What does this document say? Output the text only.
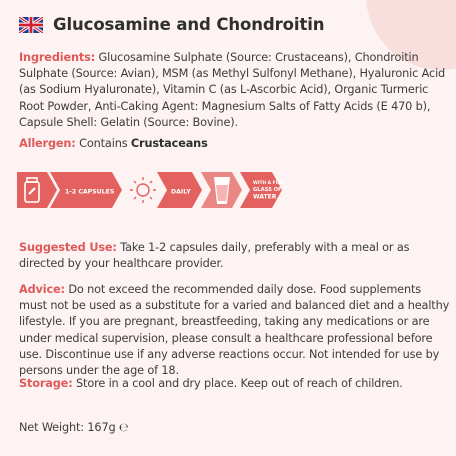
Glucosamine and Chondroitin
Ingredients: Glucosamine Sulphate (Source: Crustaceans), Chondroitin Sulphate (Source: Avian), MSM (as Methyl Sulfonyl Methane), Hyaluronic Acid (as Sodium Hyaluronate), Vitamin C (as L-Ascorbic Acid), Organic Turmeric Root Powder, Anti-Caking Agent: Magnesium Salts of Fatty Acids (E 470 b), Capsule Shell: Gelatin (Source: Bovine).
Allergen: Contains Crustaceans
1-2 CAPSULES	DAILY
WITH A FULL
GLASS OF
WATER
Suggested Use: Take 1-2 capsules daily, preferably with a meal or as directed by your healthcare provider.
Advice: Do not exceed the recommended daily dose. Food supplements must not be used as a substitute for a varied and balanced diet and a healthy lifestyle. If you are pregnant, breastfeeding, taking any medications or are under medical supervision, please consult a healthcare professional before use. Discontinue use if any adverse reactions occur. Not intended for use by persons under the age of 18.
Storage: Store in a cool and dry place. Keep out of reach of children.
Net Weight: 167g ℮
